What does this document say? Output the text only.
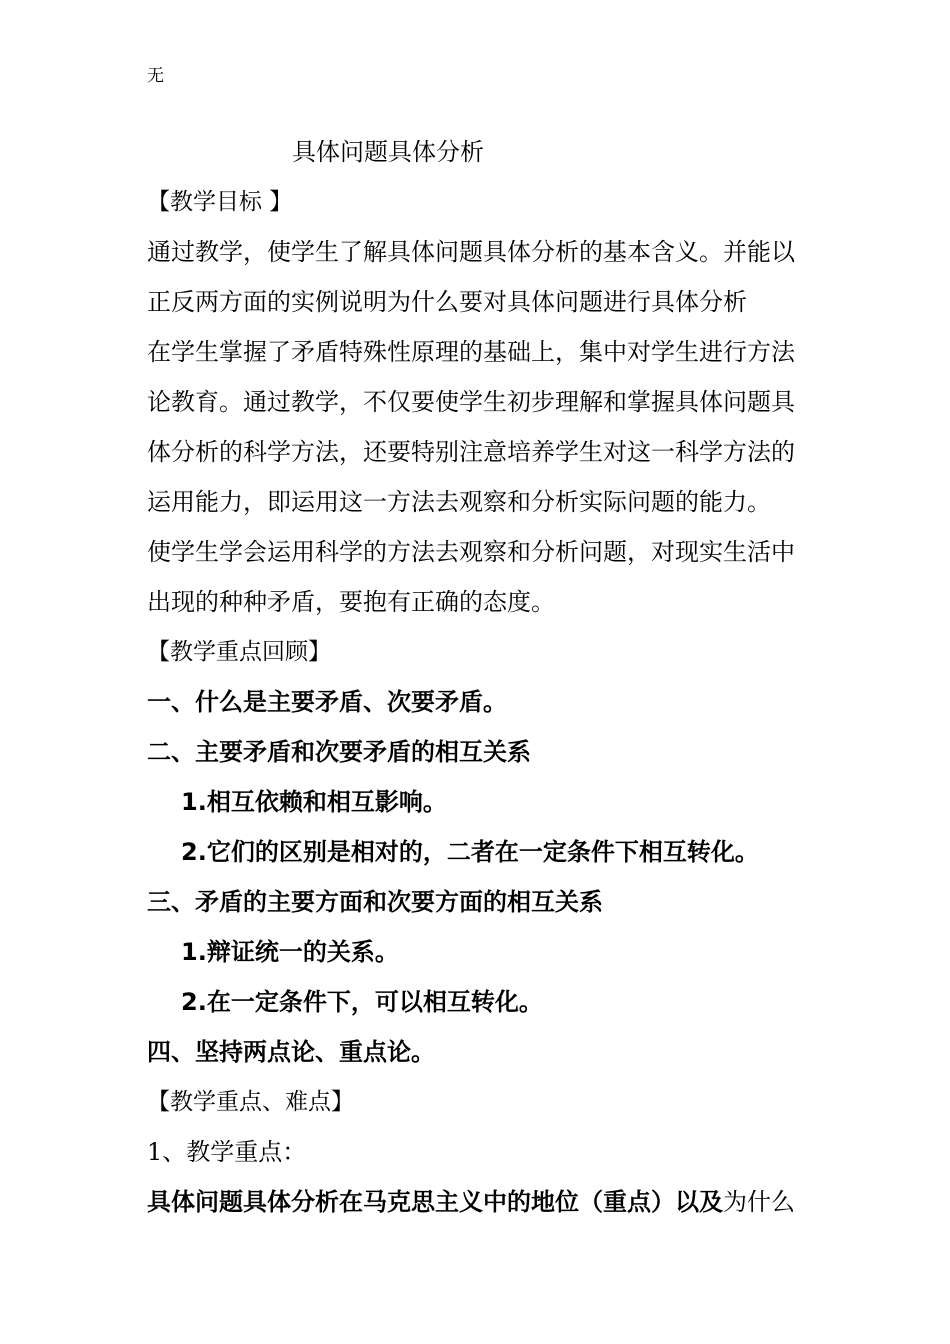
无
具体问题具体分析
【教学目标 】
通过教学，使学生了解具体问题具体分析的基本含义。并能以
正反两方面的实例说明为什么要对具体问题进行具体分析
在学生掌握了矛盾特殊性原理的基础上，集中对学生进行方法
论教育。通过教学，不仅要使学生初步理解和掌握具体问题具
体分析的科学方法，还要特别注意培养学生对这一科学方法的
运用能力，即运用这一方法去观察和分析实际问题的能力。
使学生学会运用科学的方法去观察和分析问题，对现实生活中
出现的种种矛盾，要抱有正确的态度。
【教学重点回顾】
一、什么是主要矛盾、次要矛盾。
二、主要矛盾和次要矛盾的相互关系
1.相互依赖和相互影响。
2.它们的区别是相对的，二者在一定条件下相互转化。
三、矛盾的主要方面和次要方面的相互关系
1.辩证统一的关系。
2.在一定条件下，可以相互转化。
四、坚持两点论、重点论。
【教学重点、难点】
1、教学重点：
具体问题具体分析在马克思主义中的地位（重点）以及为什么
